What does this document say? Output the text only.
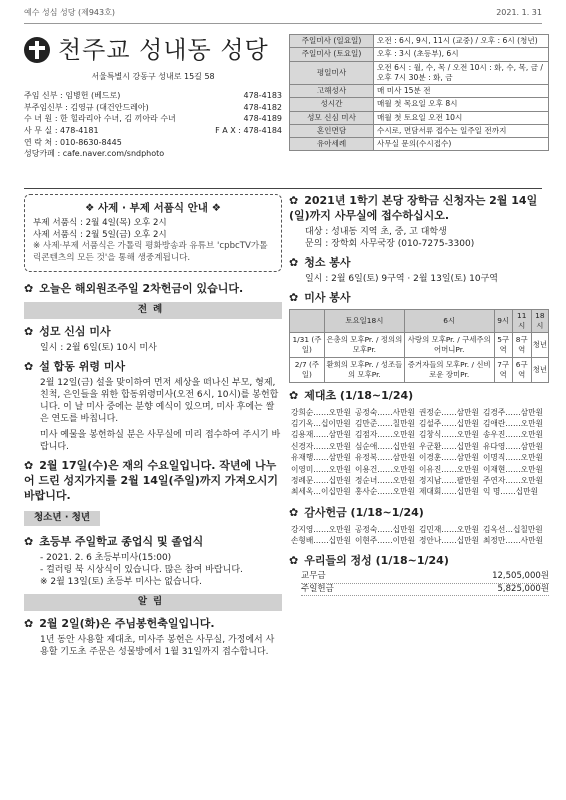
예수 성심 성당 (제943호)	2021. 1. 31
천주교 성내동 성당
서울특별시 강동구 성내로 15길 58
주임 신부 : 임병헌 (베드로)	478-4183
부주임신부 : 김영규 (대건안드레아)	478-4182
수 녀 원 : 한 힐라리아 수녀, 김 끼아라 수녀	478-4189
사 무 실 : 478-4181	F A X : 478-4184
연 락 처 : 010-8630-8445
성당카페 : cafe.naver.com/sndphoto
주일미사 (일요일)	오전 : 6시, 9시, 11시 (교중) / 오후 : 6시 (청년)
주일미사 (토요일)	오후 : 3시 (초등부), 6시
평일미사	오전 6시 : 월, 수, 목 / 오전 10시 : 화, 수, 목, 금 / 오후 7시 30분 : 화, 금
고해성사	매 미사 15분 전
성시간	매월 첫 목요일 오후 8시
성모 신심 미사	매월 첫 토요일 오전 10시
혼인면담	수시로, 면담서류 접수는 일주일 전까지
유아세례	사무실 문의(수시접수)
❖ 사제 · 부제 서품식 안내 ❖

부제 서품식 : 2월 4일(목) 오후 2시

사제 서품식 : 2월 5일(금) 오후 2시

※ 사제·부제 서품식은 가톨릭 평화방송과 유튜브 'cpbcTV가톨릭콘텐츠의 모든 것'을 통해 생중계됩니다.

✿ 오늘은 해외원조주일 2차헌금이 있습니다.
전례
✿ 성모 신심 미사
일시 : 2월 6일(토) 10시 미사
✿ 설 합동 위령 미사
2월 12일(금) 설을 맞이하여 먼저 세상을 떠나신 부모, 형제, 친척, 은인들을 위한 합동위령미사(오전 6시, 10시)를 봉헌합니다. 이 날 미사 중에는 분향 예식이 있으며, 미사 후에는 쌀은 연도를 바칩니다.
미사 예물을 봉헌하실 분은 사무실에 미리 접수하여 주시기 바랍니다.
✿ 2월 17일(수)은 재의 수요일입니다. 작년에 나누어 드린 성지가지를 2월 14일(주일)까지 가져오시기 바랍니다.
청소년 · 청년
✿ 초등부 주일학교 종업식 및 졸업식
- 2021. 2. 6 초등부미사(15:00)
- 컬러링 북 시상식이 있습니다. 많은 참여 바랍니다.
※ 2월 13일(토) 초등부 미사는 없습니다.
알림
✿ 2월 2일(화)은 주님봉헌축일입니다.
1년 동안 사용할 제대초, 미사주 봉헌은 사무실, 가정에서 사용할 기도초 주문은 성물방에서 1월 31일까지 접수합니다.
✿ 2021년 1학기 본당 장학금 신청자는 2월 14일(일)까지 사무실에 접수하십시오.
대상 : 성내동 지역 초, 중, 고 대학생
문의 : 장학회 사무국장 (010-7275-3300)
✿ 청소 봉사
일시 : 2월 6일(토) 9구역 · 2월 13일(토) 10구역
✿ 미사 봉사
	토요일18시	6시	9시	11시	18시
1/31 (주일)	은총의 모후Pr. / 정의의 모후Pr.	사랑의 모후Pr. / 구세주의 어머니Pr.	5구역	8구역	청년
2/7 (주일)	환희의 모후Pr. / 성조들의 모후Pr.	증거자들의 모후Pr. / 신비로운 장미Pr.	7구역	6구역	청년
✿ 제대초 (1/18~1/24)
강희순……오만원 공정숙……사만원 권정순……삼만원 김경주……삼만원
김기옥…십이만원 김만준……칠만원 김설주……십만원 김애란……오만원
김용재……삼만원 김점자……오만원 김창식……오만원 송우진……오만원
신경자……오만원 심순애……십만원 우군환……십만원 유다영……삼만원
유재행……삼만원 유정복……삼만원 이경훈……삼만원 이명직……오만원
이영미……오만원 이용건……오만원 이유진……오만원 이재현……오만원
정례문……십만원 정순녀……오만원 정지남……팔만원 주연자……오만원
최세옥…이십만원 홍사순……오만원 제대회……십만원 익 명……십만원
✿ 감사헌금 (1/18~1/24)
강지영……오만원 공정숙……십만원 김민재……오만원 김옥선…십칠만원
손형배……십만원 이현주……이만원 정안나……십만원 최정만……사만원
✿ 우리들의 정성 (1/18~1/24)
교무금	12,505,000원
주일헌금	5,825,000원
